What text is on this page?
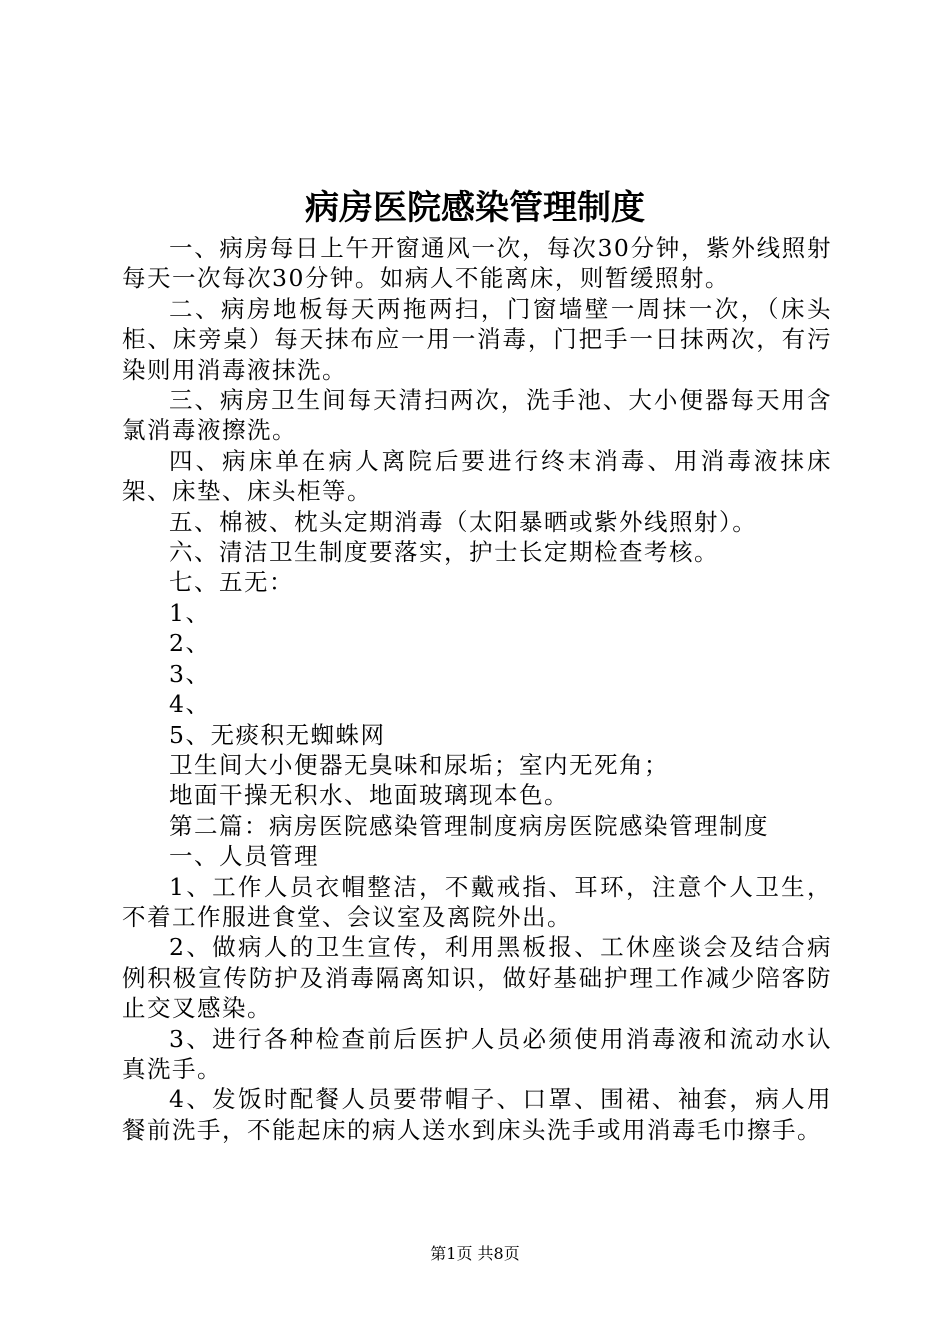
病房医院感染管理制度

一、病房每日上午开窗通风一次，每次30分钟，紫外线照射每天一次每次30分钟。如病人不能离床，则暂缓照射。

二、病房地板每天两拖两扫，门窗墙壁一周抹一次，（床头柜、床旁桌）每天抹布应一用一消毒，门把手一日抹两次，有污染则用消毒液抹洗。

三、病房卫生间每天清扫两次，洗手池、大小便器每天用含氯消毒液擦洗。

四、病床单在病人离院后要进行终末消毒、用消毒液抹床架、床垫、床头柜等。

五、棉被、枕头定期消毒（太阳暴晒或紫外线照射）。

六、清洁卫生制度要落实，护士长定期检查考核。

七、五无：

1、

2、

3、

4、

5、无痰积无蜘蛛网

卫生间大小便器无臭味和尿垢；室内无死角；

地面干操无积水、地面玻璃现本色。

第二篇：病房医院感染管理制度病房医院感染管理制度

一、人员管理

1、工作人员衣帽整洁，不戴戒指、耳环，注意个人卫生，不着工作服进食堂、会议室及离院外出。

2、做病人的卫生宣传，利用黑板报、工休座谈会及结合病例积极宣传防护及消毒隔离知识，做好基础护理工作减少陪客防止交叉感染。

3、进行各种检查前后医护人员必须使用消毒液和流动水认真洗手。

4、发饭时配餐人员要带帽子、口罩、围裙、袖套，病人用餐前洗手，不能起床的病人送水到床头洗手或用消毒毛巾擦手。

第1页 共8页
